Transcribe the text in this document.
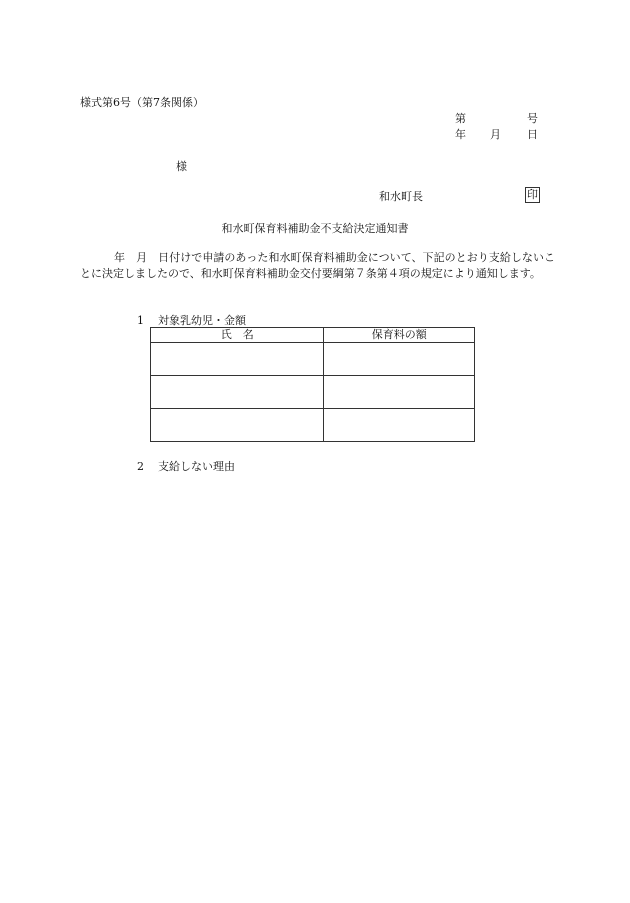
様式第6号（第7条関係）
第	号
年 月 日
様
和水町長	印
和水町保育料補助金不支給決定通知書
年　月　日付けで申請のあった和水町保育料補助金について、下記のとおり支給しないことに決定しましたので、和水町保育料補助金交付要綱第７条第４項の規定により通知します。
1 対象乳幼児・金額
氏　名	保育料の額

2 支給しない理由
